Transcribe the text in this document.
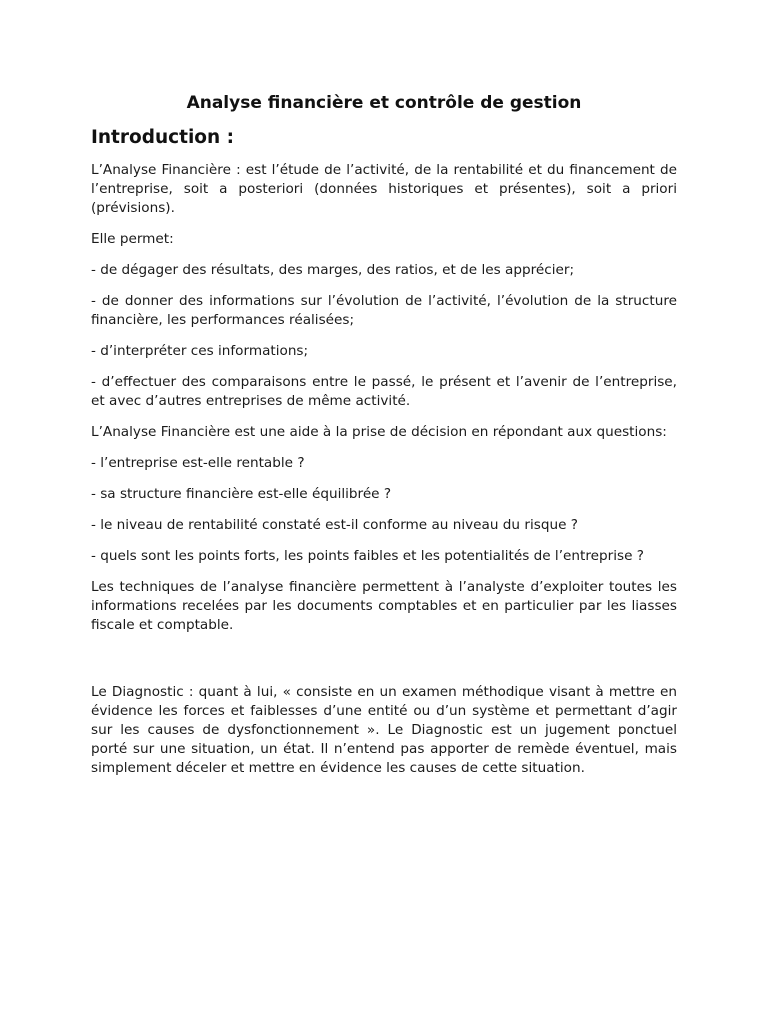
Analyse financière et contrôle de gestion
Introduction :

L’Analyse Financière : est l’étude de l’activité, de la rentabilité et du financement de l’entreprise, soit a posteriori (données historiques et présentes), soit a priori (prévisions).

Elle permet:

- de dégager des résultats, des marges, des ratios, et de les apprécier;

- de donner des informations sur l’évolution de l’activité, l’évolution de la structure financière, les performances réalisées;

- d’interpréter ces informations;

- d’effectuer des comparaisons entre le passé, le présent et l’avenir de l’entreprise, et avec d’autres entreprises de même activité.

L’Analyse Financière est une aide à la prise de décision en répondant aux questions:

- l’entreprise est-elle rentable ?

- sa structure financière est-elle équilibrée ?

- le niveau de rentabilité constaté est-il conforme au niveau du risque ?

- quels sont les points forts, les points faibles et les potentialités de l’entreprise ?

Les techniques de l’analyse financière permettent à l’analyste d’exploiter toutes les informations recelées par les documents comptables et en particulier par les liasses fiscale et comptable.

Le Diagnostic : quant à lui, « consiste en un examen méthodique visant à mettre en évidence les forces et faiblesses d’une entité ou d’un système et permettant d’agir sur les causes de dysfonctionnement ». Le Diagnostic est un jugement ponctuel porté sur une situation, un état. Il n’entend pas apporter de remède éventuel, mais simplement déceler et mettre en évidence les causes de cette situation.
